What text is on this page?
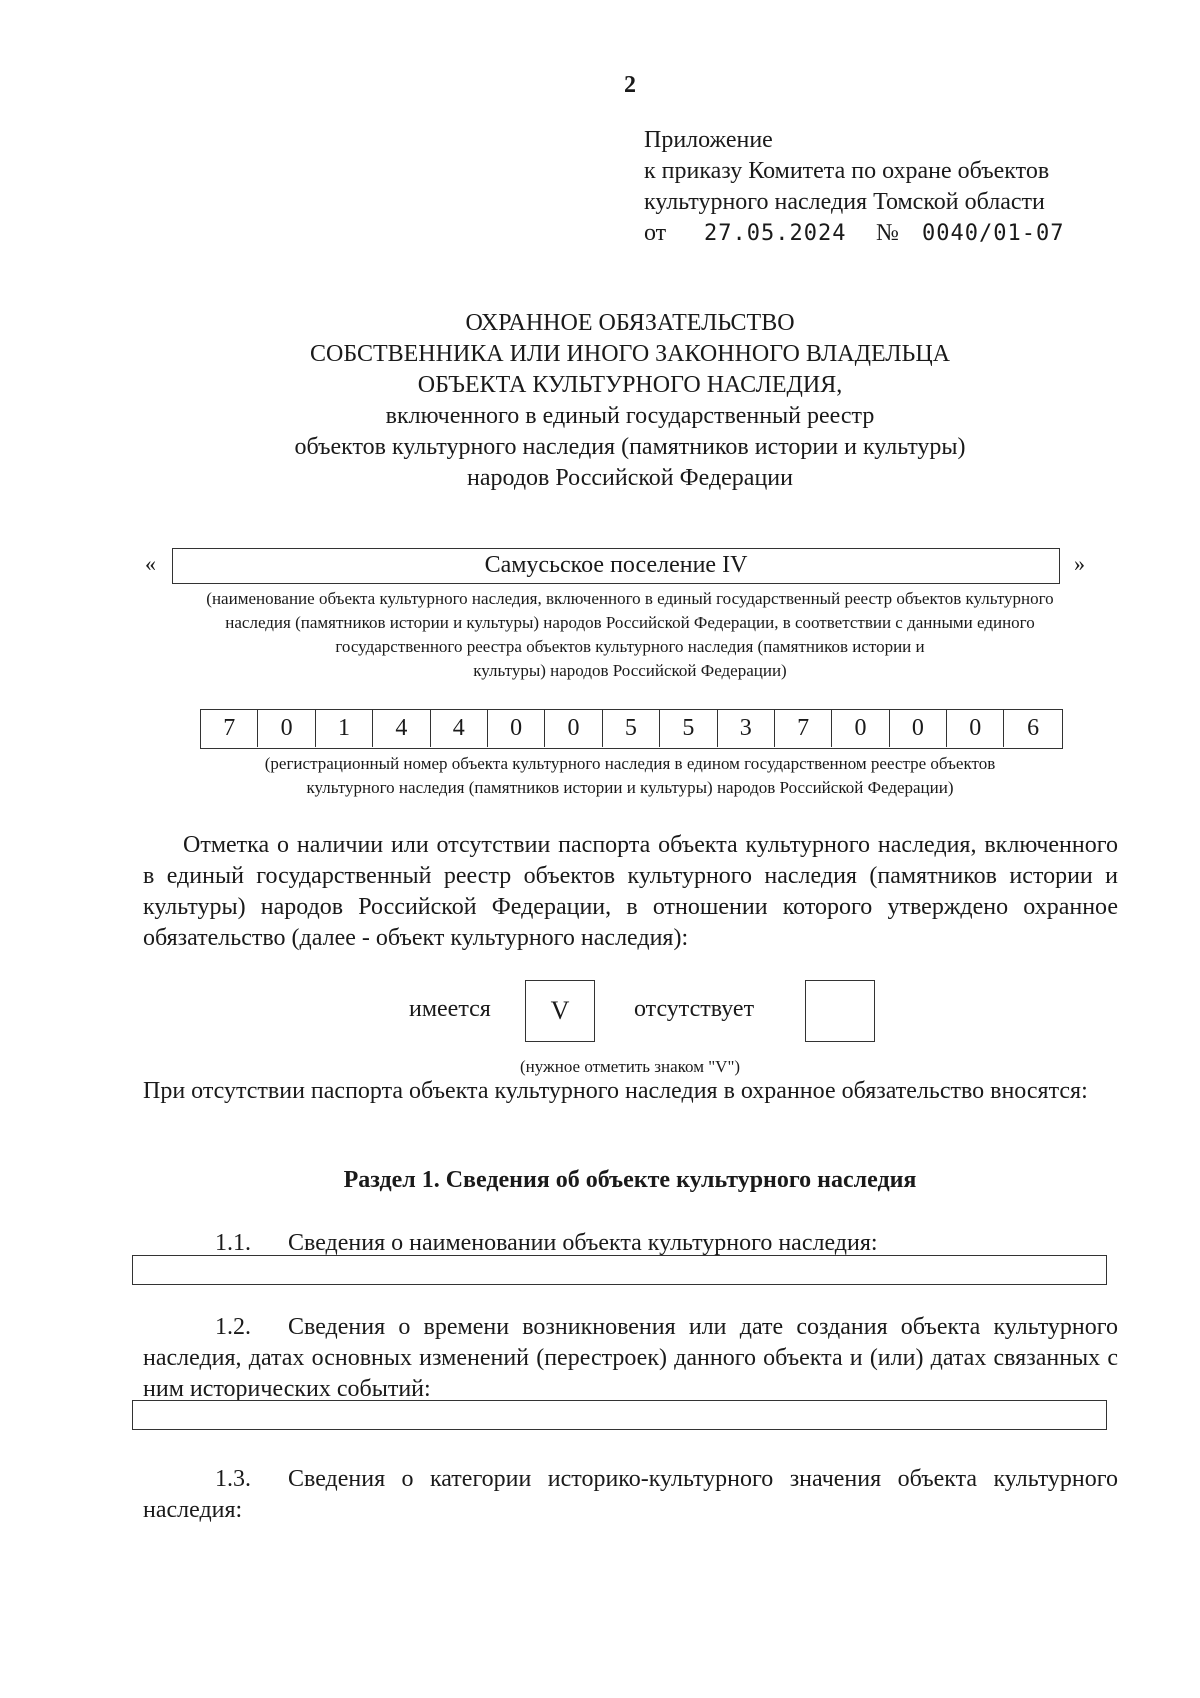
2
Приложение
к приказу Комитета по охране объектов
культурного наследия Томской области
от 27.05.2024 № 0040/01-07
ОХРАННОЕ ОБЯЗАТЕЛЬСТВО
СОБСТВЕННИКА ИЛИ ИНОГО ЗАКОННОГО ВЛАДЕЛЬЦА
ОБЪЕКТА КУЛЬТУРНОГО НАСЛЕДИЯ,
включенного в единый государственный реестр
объектов культурного наследия (памятников истории и культуры)
народов Российской Федерации
«	Самусьское поселение IV	»
(наименование объекта культурного наследия, включенного в единый государственный реестр объектов культурного
наследия (памятников истории и культуры) народов Российской Федерации, в соответствии с данными единого
государственного реестра объектов культурного наследия (памятников истории и
культуры) народов Российской Федерации)
7	0	1	4	4	0	0	5	5	3	7	0	0	0	6
(регистрационный номер объекта культурного наследия в едином государственном реестре объектов
культурного наследия (памятников истории и культуры) народов Российской Федерации)
Отметка о наличии или отсутствии паспорта объекта культурного наследия, включенного в единый государственный реестр объектов культурного наследия (памятников истории и культуры) народов Российской Федерации, в отношении которого утверждено охранное обязательство (далее - объект культурного наследия):
имеется	V	отсутствует
(нужное отметить знаком "V")
При отсутствии паспорта объекта культурного наследия в охранное обязательство вносятся:
Раздел 1. Сведения об объекте культурного наследия
1.1. Сведения о наименовании объекта культурного наследия:
1.2. Сведения о времени возникновения или дате создания объекта культурного наследия, датах основных изменений (перестроек) данного объекта и (или) датах связанных с ним исторических событий:
1.3. Сведения о категории историко-культурного значения объекта культурного наследия:
